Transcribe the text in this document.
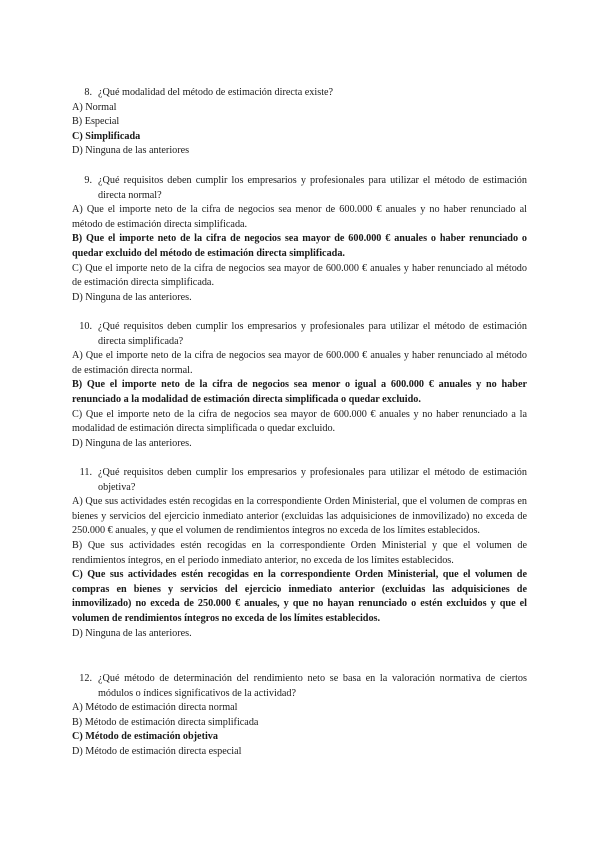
8. ¿Qué modalidad del método de estimación directa existe?
A) Normal
B) Especial
C) Simplificada
D) Ninguna de las anteriores
9. ¿Qué requisitos deben cumplir los empresarios y profesionales para utilizar el método de estimación directa normal?
A) Que el importe neto de la cifra de negocios sea menor de 600.000 € anuales y no haber renunciado al método de estimación directa simplificada.
B) Que el importe neto de la cifra de negocios sea mayor de 600.000 € anuales o haber renunciado o quedar excluido del método de estimación directa simplificada.
C) Que el importe neto de la cifra de negocios sea mayor de 600.000 € anuales y haber renunciado al método de estimación directa simplificada.
D) Ninguna de las anteriores.
10. ¿Qué requisitos deben cumplir los empresarios y profesionales para utilizar el método de estimación directa simplificada?
A) Que el importe neto de la cifra de negocios sea mayor de 600.000 € anuales y haber renunciado al método de estimación directa normal.
B) Que el importe neto de la cifra de negocios sea menor o igual a 600.000 € anuales y no haber renunciado a la modalidad de estimación directa simplificada o quedar excluido.
C) Que el importe neto de la cifra de negocios sea mayor de 600.000 € anuales y no haber renunciado a la modalidad de estimación directa simplificada o quedar excluido.
D) Ninguna de las anteriores.
11. ¿Qué requisitos deben cumplir los empresarios y profesionales para utilizar el método de estimación objetiva?
A) Que sus actividades estén recogidas en la correspondiente Orden Ministerial, que el volumen de compras en bienes y servicios del ejercicio inmediato anterior (excluidas las adquisiciones de inmovilizado) no exceda de 250.000 € anuales, y que el volumen de rendimientos íntegros no exceda de los límites establecidos.
B) Que sus actividades estén recogidas en la correspondiente Orden Ministerial y que el volumen de rendimientos íntegros, en el periodo inmediato anterior, no exceda de los límites establecidos.
C) Que sus actividades estén recogidas en la correspondiente Orden Ministerial, que el volumen de compras en bienes y servicios del ejercicio inmediato anterior (excluidas las adquisiciones de inmovilizado) no exceda de 250.000 € anuales, y que no hayan renunciado o estén excluidos y que el volumen de rendimientos íntegros no exceda de los límites establecidos.
D) Ninguna de las anteriores.
12. ¿Qué método de determinación del rendimiento neto se basa en la valoración normativa de ciertos módulos o índices significativos de la actividad?
A) Método de estimación directa normal
B) Método de estimación directa simplificada
C) Método de estimación objetiva
D) Método de estimación directa especial
